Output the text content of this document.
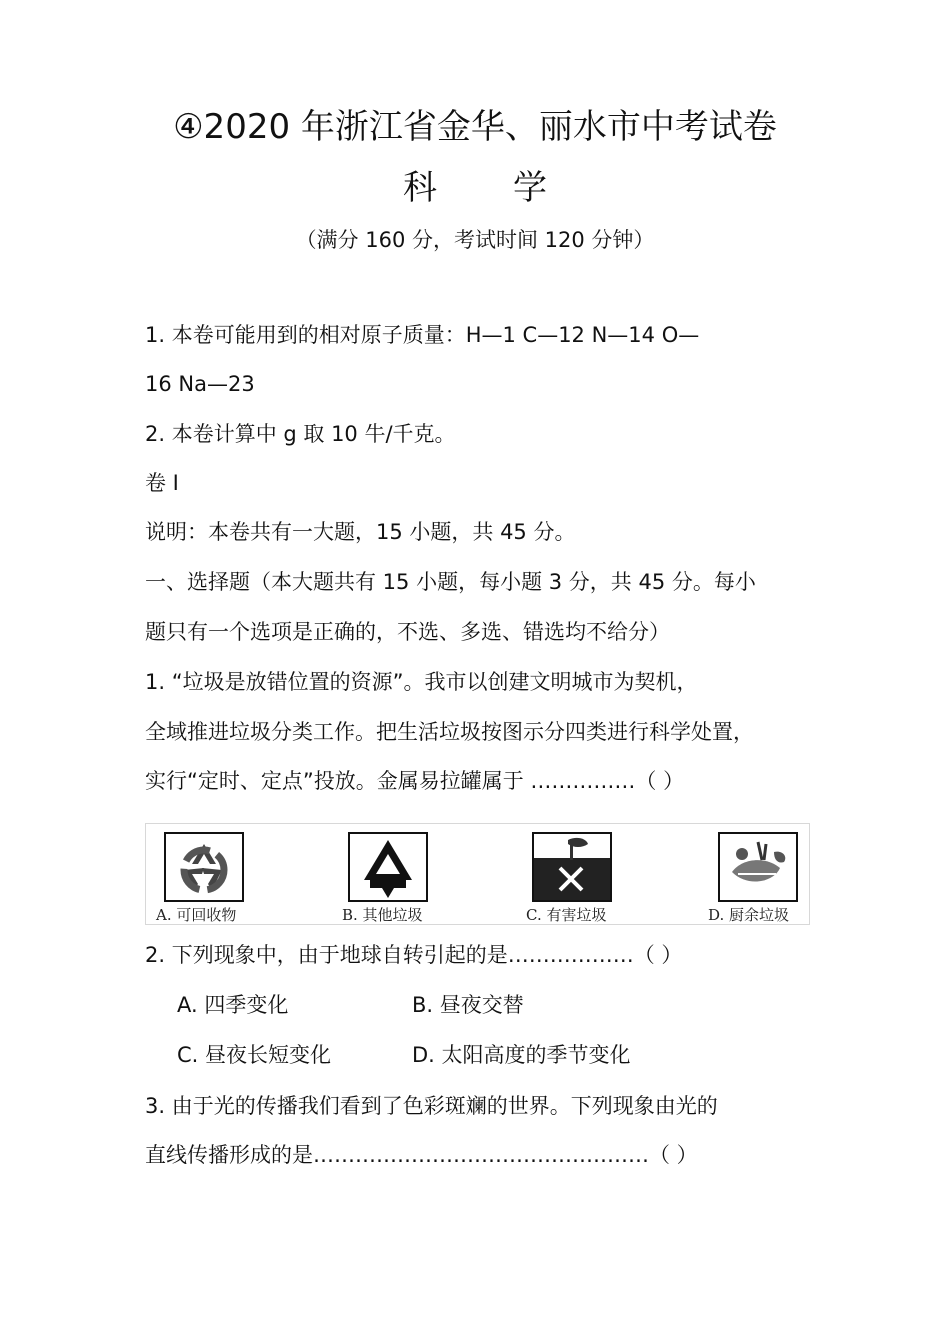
④2020 年浙江省金华、丽水市中考试卷
科 学
（满分 160 分，考试时间 120 分钟）
1. 本卷可能用到的相对原子质量：H—1 C—12 N—14 O—
16 Na—23
2. 本卷计算中 g 取 10 牛/千克。
卷 Ⅰ
说明：本卷共有一大题，15 小题，共 45 分。
一、选择题（本大题共有 15 小题，每小题 3 分，共 45 分。每小
题只有一个选项是正确的，不选、多选、错选均不给分）
1. “垃圾是放错位置的资源”。我市以创建文明城市为契机，
全域推进垃圾分类工作。把生活垃圾按图示分四类进行科学处置，
实行“定时、定点”投放。金属易拉罐属于 ……………（ ）
A. 可回收物	B. 其他垃圾	C. 有害垃圾	D. 厨余垃圾
2. 下列现象中，由于地球自转引起的是………………（ ）
A. 四季变化	B. 昼夜交替
C. 昼夜长短变化	D. 太阳高度的季节变化
3. 由于光的传播我们看到了色彩斑斓的世界。下列现象由光的
直线传播形成的是…………………………………………（ ）
